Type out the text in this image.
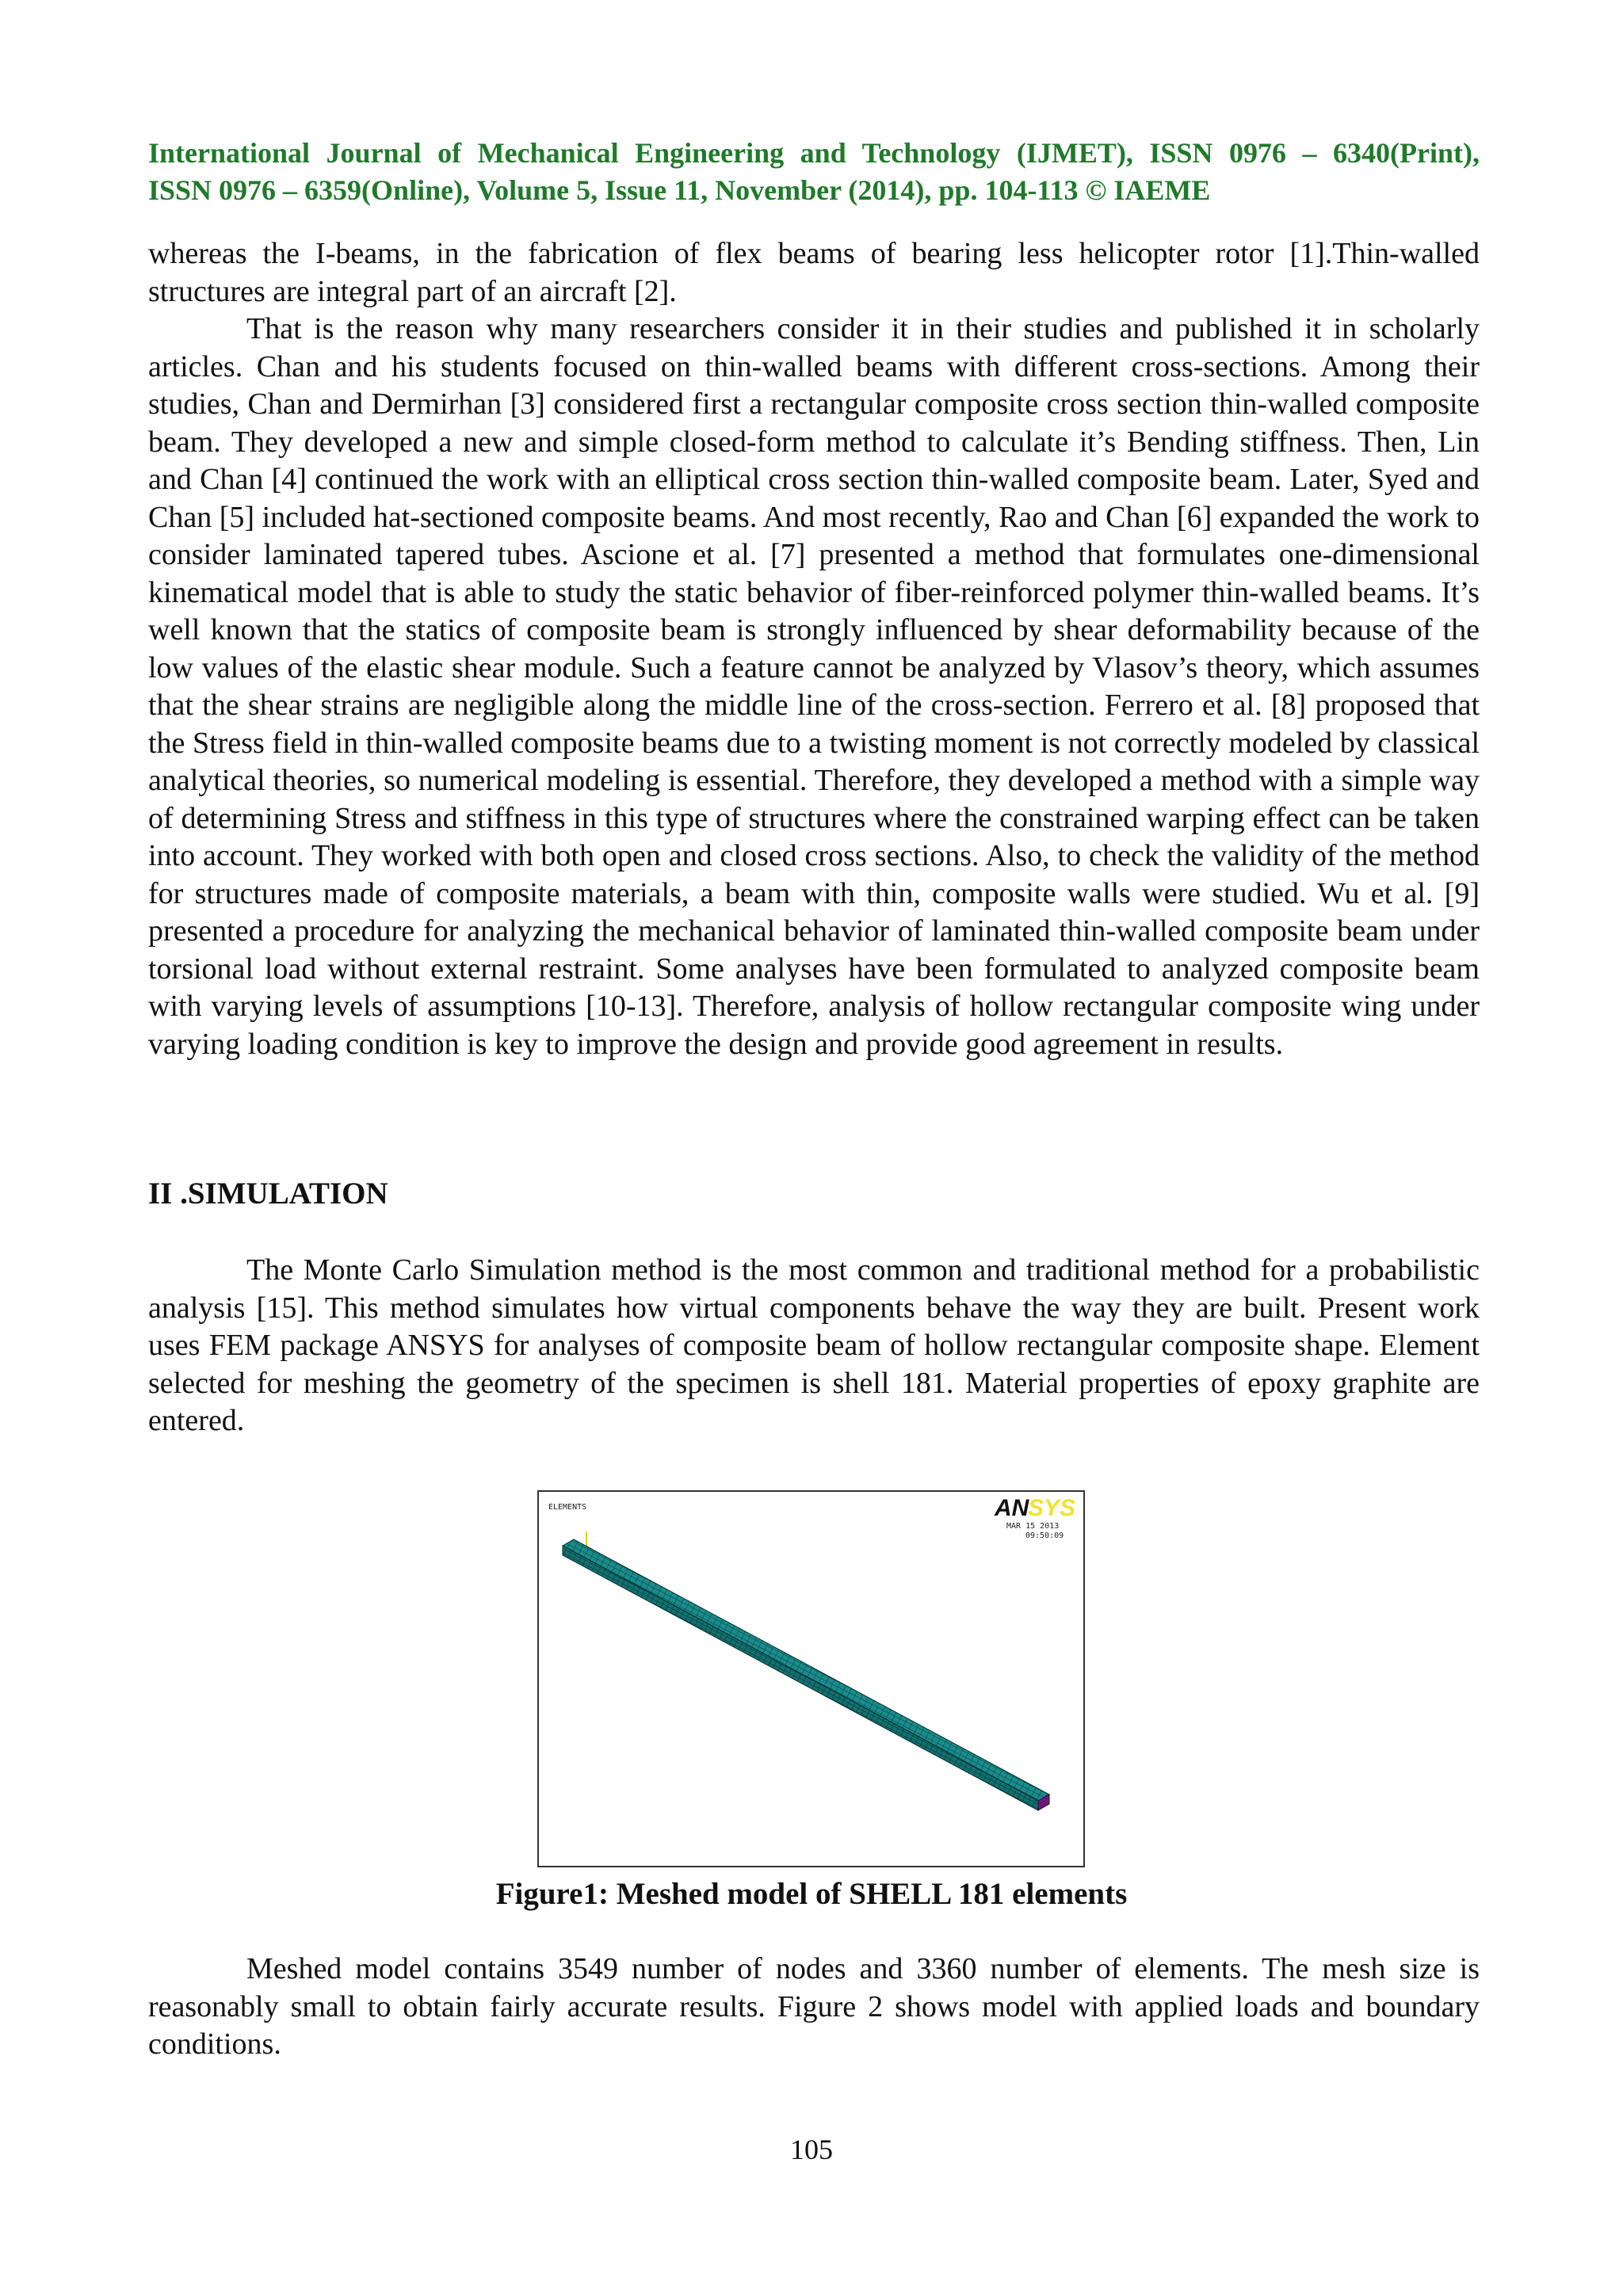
International Journal of Mechanical Engineering and Technology (IJMET), ISSN 0976 – 6340(Print),
ISSN 0976 – 6359(Online), Volume 5, Issue 11, November (2014), pp. 104-113 © IAEME
whereas the I-beams, in the fabrication of flex beams of bearing less helicopter rotor [1].Thin-walled structures are integral part of an aircraft [2].
That is the reason why many researchers consider it in their studies and published it in scholarly articles. Chan and his students focused on thin-walled beams with different cross-sections. Among their studies, Chan and Dermirhan [3] considered first a rectangular composite cross section thin-walled composite beam. They developed a new and simple closed-form method to calculate it’s Bending stiffness. Then, Lin and Chan [4] continued the work with an elliptical cross section thin-walled composite beam. Later, Syed and Chan [5] included hat-sectioned composite beams. And most recently, Rao and Chan [6] expanded the work to consider laminated tapered tubes. Ascione et al. [7] presented a method that formulates one-dimensional kinematical model that is able to study the static behavior of fiber-reinforced polymer thin-walled beams. It’s well known that the statics of composite beam is strongly influenced by shear deformability because of the low values of the elastic shear module. Such a feature cannot be analyzed by Vlasov’s theory, which assumes that the shear strains are negligible along the middle line of the cross-section. Ferrero et al. [8] proposed that the Stress field in thin-walled composite beams due to a twisting moment is not correctly modeled by classical analytical theories, so numerical modeling is essential. Therefore, they developed a method with a simple way of determining Stress and stiffness in this type of structures where the constrained warping effect can be taken into account. They worked with both open and closed cross sections. Also, to check the validity of the method for structures made of composite materials, a beam with thin, composite walls were studied. Wu et al. [9] presented a procedure for analyzing the mechanical behavior of laminated thin-walled composite beam under torsional load without external restraint. Some analyses have been formulated to analyzed composite beam with varying levels of assumptions [10-13]. Therefore, analysis of hollow rectangular composite wing under varying loading condition is key to improve the design and provide good agreement in results.
II .SIMULATION
The Monte Carlo Simulation method is the most common and traditional method for a probabilistic analysis [15]. This method simulates how virtual components behave the way they are built. Present work uses FEM package ANSYS for analyses of composite beam of hollow rectangular composite shape. Element selected for meshing the geometry of the specimen is shell 181. Material properties of epoxy graphite are entered.
AN
SYS
ELEMENTS
MAR 15 2013
09:50:09
Figure1: Meshed model of SHELL 181 elements
Meshed model contains 3549 number of nodes and 3360 number of elements. The mesh size is reasonably small to obtain fairly accurate results. Figure 2 shows model with applied loads and boundary conditions.
105
